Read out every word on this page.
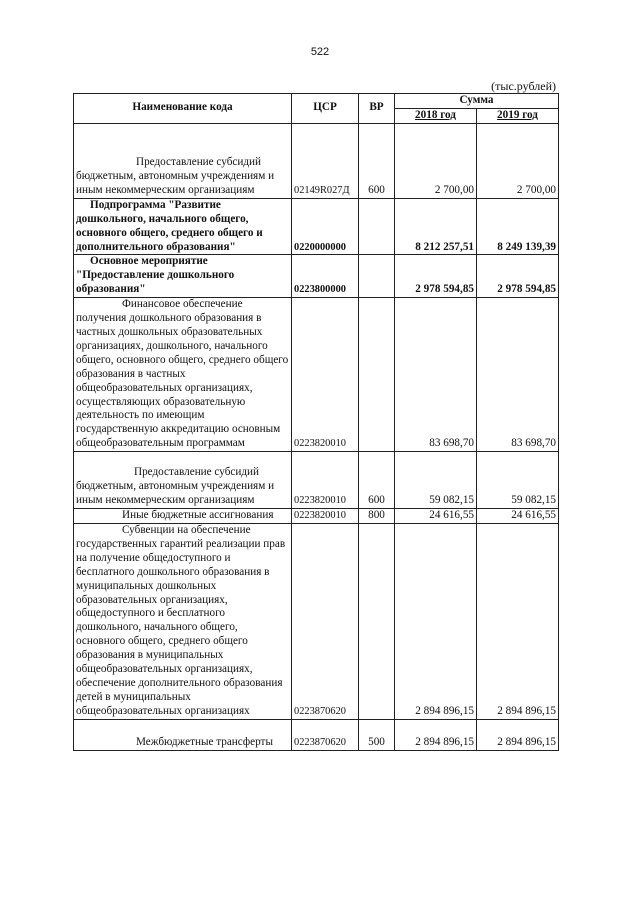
522
(тыс.рублей)
Наименование кода	ЦСР	ВР	Сумма	
			2018 год	2019 год
Предоставление субсидий бюджетным, автономным учреждениям и иным некоммерческим организациям	02149R027Д	600	2 700,00	2 700,00
Подпрограмма "Развитие дошкольного, начального общего, основного общего, среднего общего и дополнительного образования"	0220000000		8 212 257,51	8 249 139,39
Основное мероприятие "Предоставление дошкольного образования"	0223800000		2 978 594,85	2 978 594,85
Финансовое обеспечение получения дошкольного образования в частных дошкольных образовательных организациях, дошкольного, начального общего, основного общего, среднего общего образования в частных общеобразовательных организациях, осуществляющих образовательную деятельность по имеющим государственную аккредитацию основным общеобразовательным программам	0223820010		83 698,70	83 698,70
Предоставление субсидий бюджетным, автономным учреждениям и иным некоммерческим организациям	0223820010	600	59 082,15	59 082,15
Иные бюджетные ассигнования	0223820010	800	24 616,55	24 616,55
Субвенции на обеспечение государственных гарантий реализации прав на получение общедоступного и бесплатного дошкольного образования в муниципальных дошкольных образовательных организациях, общедоступного и бесплатного дошкольного, начального общего, основного общего, среднего общего образования в муниципальных общеобразовательных организациях, обеспечение дополнительного образования детей в муниципальных общеобразовательных организациях	0223870620		2 894 896,15	2 894 896,15
Межбюджетные трансферты	0223870620	500	2 894 896,15	2 894 896,15
